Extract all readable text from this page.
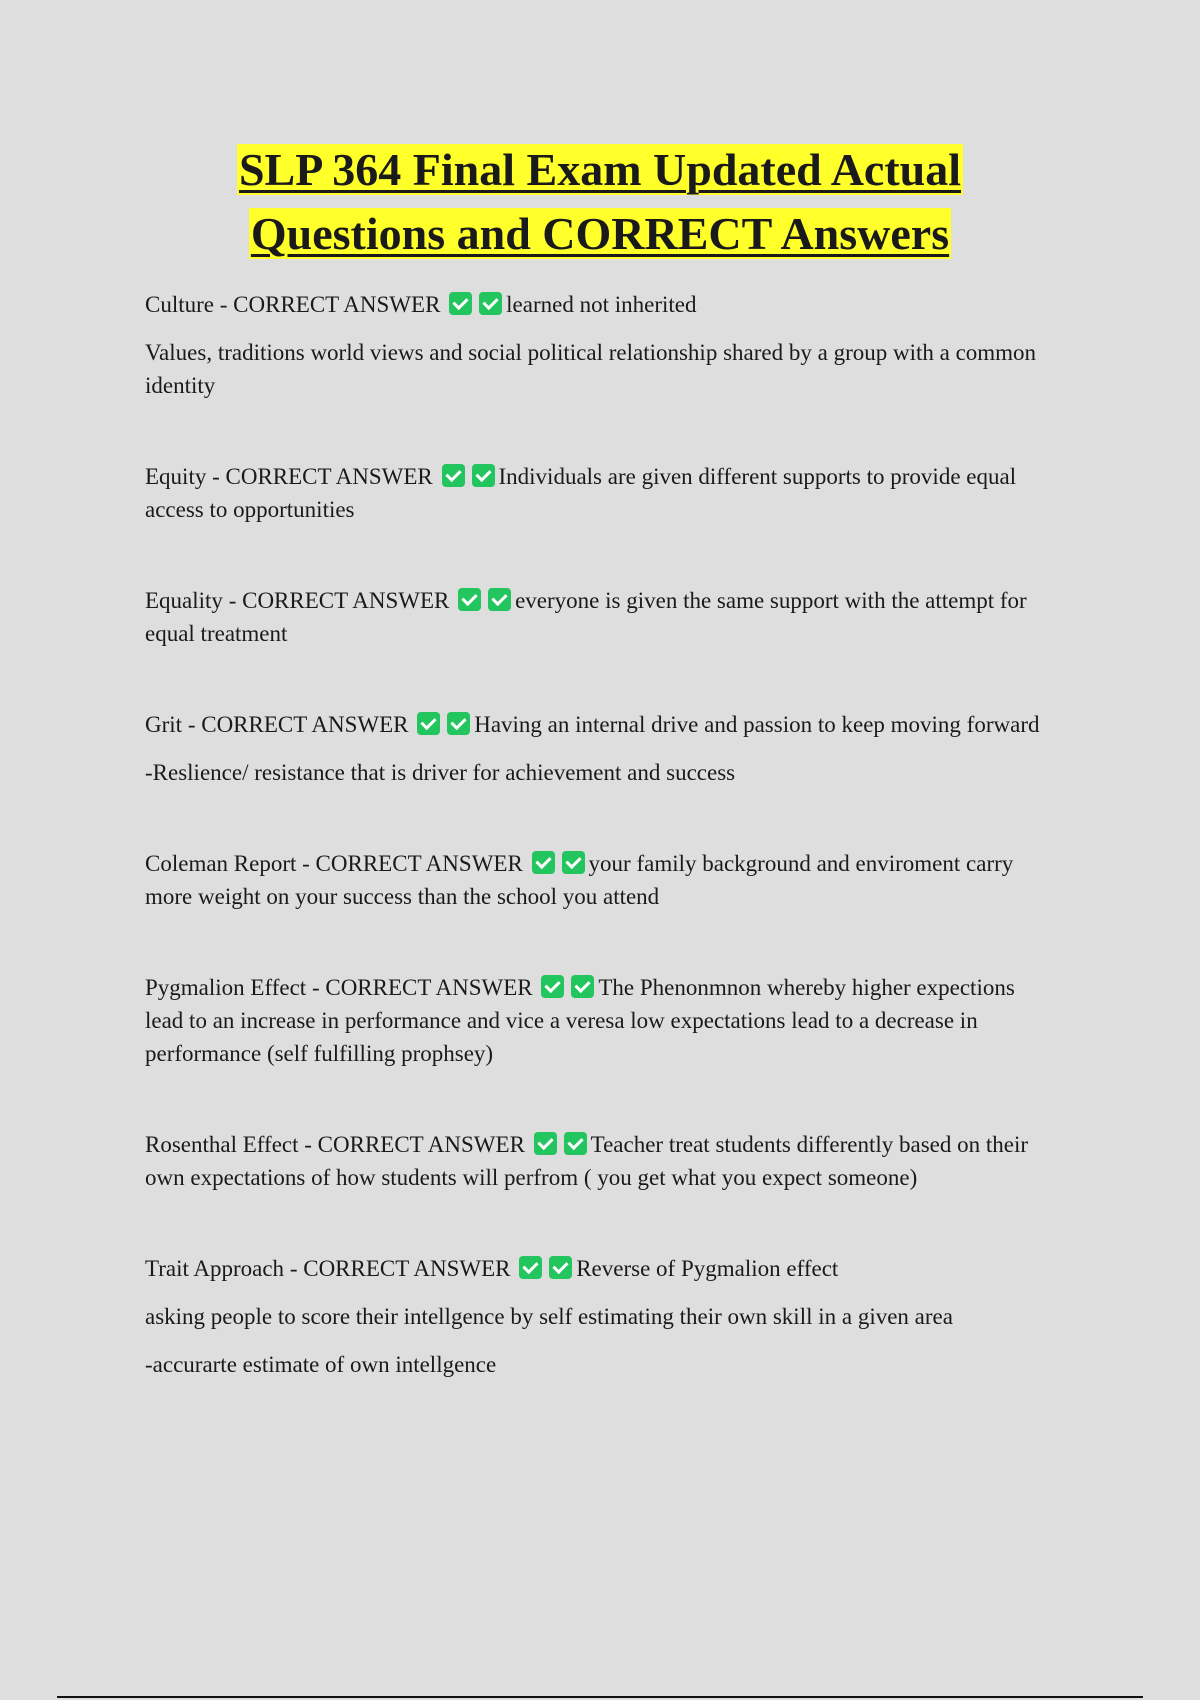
SLP 364 Final Exam Updated Actual
Questions and CORRECT Answers

Culture - CORRECT ANSWER	learned not inherited

Values, traditions world views and social political relationship shared by a group with a common identity

Equity - CORRECT ANSWER	Individuals are given different supports to provide equal access to opportunities

Equality - CORRECT ANSWER	everyone is given the same support with the attempt for equal treatment

Grit - CORRECT ANSWER	Having an internal drive and passion to keep moving forward

-Reslience/ resistance that is driver for achievement and success

Coleman Report - CORRECT ANSWER	your family background and enviroment carry more weight on your success than the school you attend

Pygmalion Effect - CORRECT ANSWER	The Phenonmnon whereby higher expections lead to an increase in performance and vice a veresa low expectations lead to a decrease in performance (self fulfilling prophsey)

Rosenthal Effect - CORRECT ANSWER	Teacher treat students differently based on their own expectations of how students will perfrom ( you get what you expect someone)

Trait Approach - CORRECT ANSWER	Reverse of Pygmalion effect

asking people to score their intellgence by self estimating their own skill in a given area

-accurarte estimate of own intellgence
